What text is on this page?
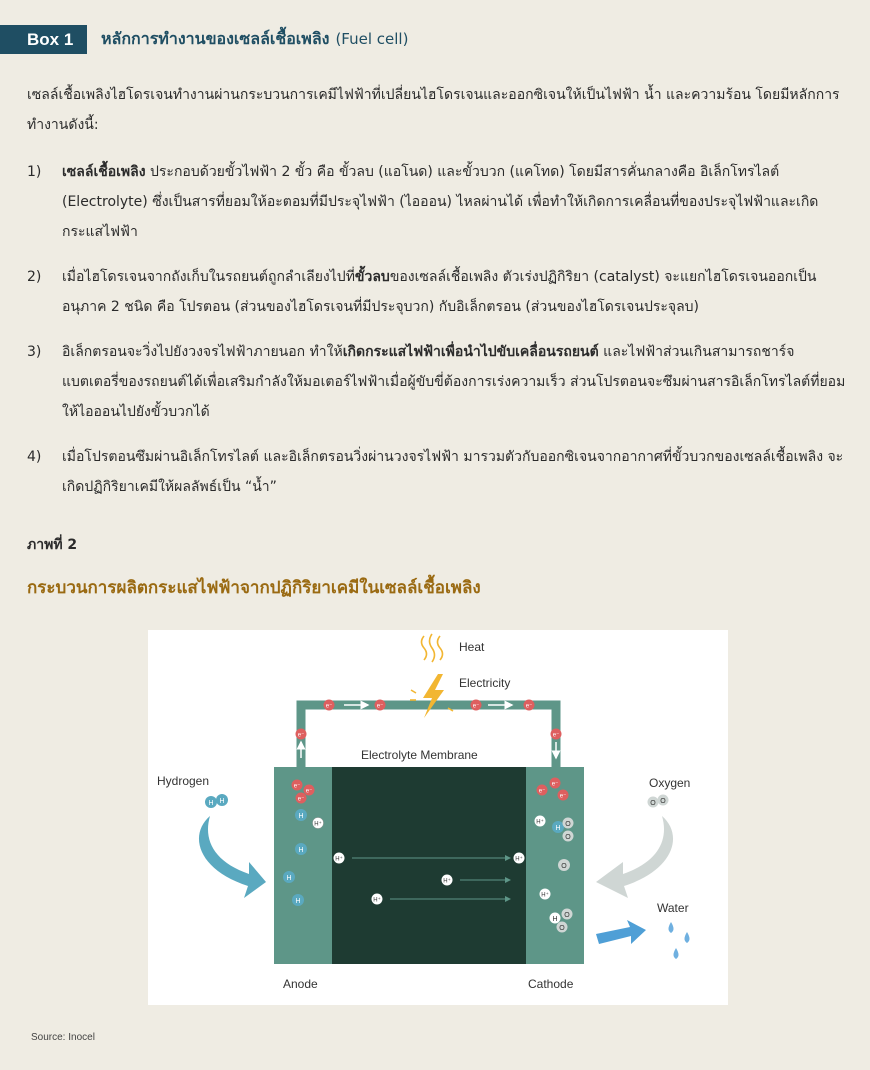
Box 1	หลักการทำงานของเซลล์เชื้อเพลิง (Fuel cell)
เซลล์เชื้อเพลิงไฮโดรเจนทำงานผ่านกระบวนการเคมีไฟฟ้าที่เปลี่ยนไฮโดรเจนและออกซิเจนให้เป็นไฟฟ้า น้ำ และความร้อน โดยมีหลักการทำงานดังนี้:
1)	เซลล์เชื้อเพลิง ประกอบด้วยขั้วไฟฟ้า 2 ขั้ว คือ ขั้วลบ (แอโนด) และขั้วบวก (แคโทด) โดยมีสารคั่นกลางคือ อิเล็กโทรไลต์ (Electrolyte) ซึ่งเป็นสารที่ยอมให้อะตอมที่มีประจุไฟฟ้า (ไอออน) ไหลผ่านได้ เพื่อทำให้เกิดการเคลื่อนที่ของประจุไฟฟ้าและเกิดกระแสไฟฟ้า
2)	เมื่อไฮโดรเจนจากถังเก็บในรถยนต์ถูกลำเลียงไปที่ขั้วลบของเซลล์เชื้อเพลิง ตัวเร่งปฏิกิริยา (catalyst) จะแยกไฮโดรเจนออกเป็นอนุภาค 2 ชนิด คือ โปรตอน (ส่วนของไฮโดรเจนที่มีประจุบวก) กับอิเล็กตรอน (ส่วนของไฮโดรเจนประจุลบ)
3)	อิเล็กตรอนจะวิ่งไปยังวงจรไฟฟ้าภายนอก ทำให้เกิดกระแสไฟฟ้าเพื่อนำไปขับเคลื่อนรถยนต์ และไฟฟ้าส่วนเกินสามารถชาร์จแบตเตอรี่ของรถยนต์ได้เพื่อเสริมกำลังให้มอเตอร์ไฟฟ้าเมื่อผู้ขับขี่ต้องการเร่งความเร็ว ส่วนโปรตอนจะซึมผ่านสารอิเล็กโทรไลต์ที่ยอมให้ไอออนไปยังขั้วบวกได้
4)	เมื่อโปรตอนซึมผ่านอิเล็กโทรไลต์ และอิเล็กตรอนวิ่งผ่านวงจรไฟฟ้า มารวมตัวกับออกซิเจนจากอากาศที่ขั้วบวกของเซลล์เชื้อเพลิง จะเกิดปฏิกิริยาเคมีให้ผลลัพธ์เป็น “น้ำ”
ภาพที่ 2
กระบวนการผลิตกระแสไฟฟ้าจากปฏิกิริยาเคมีในเซลล์เชื้อเพลิง
e⁻	e⁻	e⁻	e⁻
e⁻	e⁻
Heat
Electricity
Electrolyte Membrane
e⁻
e⁻
e⁻
H
H⁺
H
H
H
H⁺
H⁺
H⁺
H⁺
e⁻
e⁻
e⁻
H⁺
H
O
O
O
H⁺
H
O
O
Hydrogen	Oxygen
Water
Anode	Cathode
H H	O O
Source: Inocel
